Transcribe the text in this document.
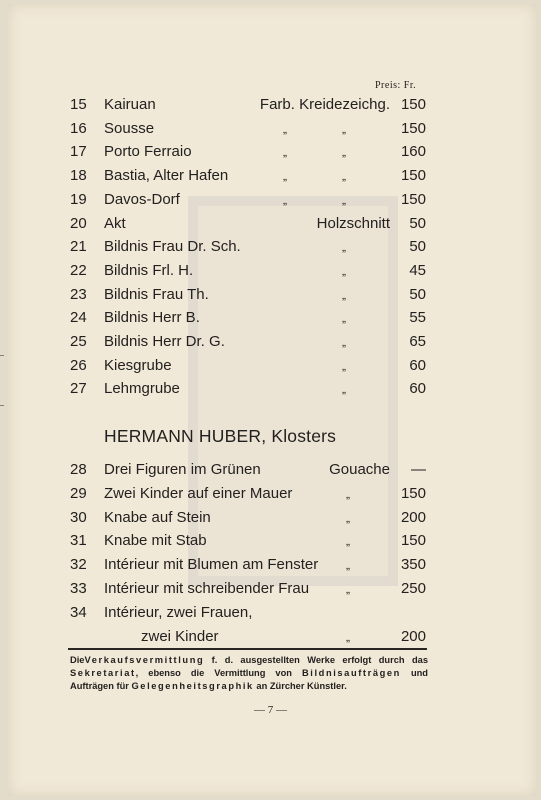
Preis: Fr.
15	Kairuan	Farb. Kreidezeichg. 150
16	Sousse	„	„	150
17	Porto Ferraio	„	„	160
18	Bastia, Alter Hafen	„	„	150
19	Davos-Dorf	„	„	150
20	Akt	Holzschnitt	50
21	Bildnis Frau Dr. Sch.	„	50
22	Bildnis Frl. H.	„	45
23	Bildnis Frau Th.	„	50
24	Bildnis Herr B.	„	55
25	Bildnis Herr Dr. G.	„	65
26	Kiesgrube	„	60
27	Lehmgrube	„	60
HERMANN HUBER, Klosters
28	Drei Figuren im Grünen	Gouache	—
29	Zwei Kinder auf einer Mauer	„	150
30	Knabe auf Stein	„	200
31	Knabe mit Stab	„	150
32	Intérieur mit Blumen am Fenster	„	350
33	Intérieur mit schreibender Frau	„	250
34	Intérieur, zwei Frauen,
zwei Kinder	„	200
DieVerkaufsvermittlung f. d. ausgestellten Werke erfolgt durch das Sekretariat, ebenso die Vermittlung von Bildnisaufträgen und Aufträgen für Gelegenheitsgraphik an Zürcher Künstler.
— 7 —
